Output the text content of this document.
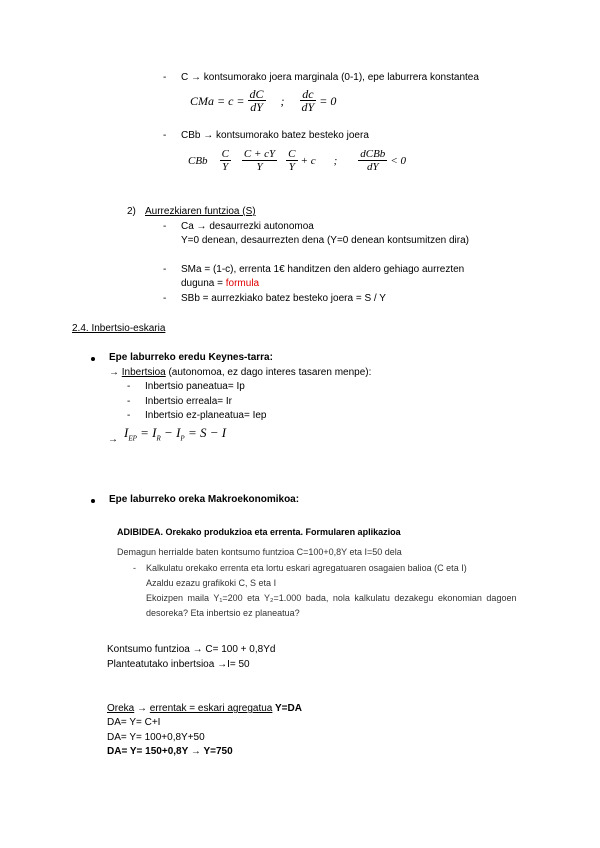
- C → kontsumorako joera marginala (0-1), epe laburrera konstantea
CMa = $c = \frac{dC}{dY}$ ; $\frac{dc}{dY} = 0$
- CBb → kontsumorako batez besteko joera
CBb $\frac{C}{Y} \frac{C + cY}{Y} \frac{C}{Y} + c$ ; $\frac{\text{dCBb}}{dY} < 0$
2) Aurrezkiaren funtzioa (S)
- Ca → desaurrezki autonomoa
Y=0 denean, desaurrezten dena (Y=0 denean kontsumitzen dira)
- SMa = (1-c), errenta 1€ handitzen den aldero gehiago aurrezten
duguna = formula
- SBb = aurrezkiako batez besteko joera = S / Y
2.4. Inbertsio-eskaria
Epe laburreko eredu Keynes-tarra:
→ Inbertsioa (autonomoa, ez dago interes tasaren menpe):
- Inbertsio paneatua= Ip
- Inbertsio erreala= Ir
- Inbertsio ez-planeatua= Iep
→ $I_{EP} = I_R - I_P = S - I$
Epe laburreko oreka Makroekonomikoa:
ADIBIDEA. Orekako produkzioa eta errenta. Formularen aplikazioa
Demagun herrialde baten kontsumo funtzioa C=100+0,8Y eta I=50 dela
- Kalkulatu orekako errenta eta lortu eskari agregatuaren osagaien balioa (C eta I)
Azaldu ezazu grafikoki C, S eta I
Ekoizpen maila Y₁=200 eta Y₂=1.000 bada, nola kalkulatu dezakegu ekonomian dagoen
desoreka? Eta inbertsio ez planeatua?
Kontsumo funtzioa → C= 100 + 0,8Yd
Planteatutako inbertsioa →I= 50
Oreka → errentak = eskari agregatua Y=DA
DA= Y= C+I
DA= Y= 100+0,8Y+50
DA= Y= 150+0,8Y → Y=750
